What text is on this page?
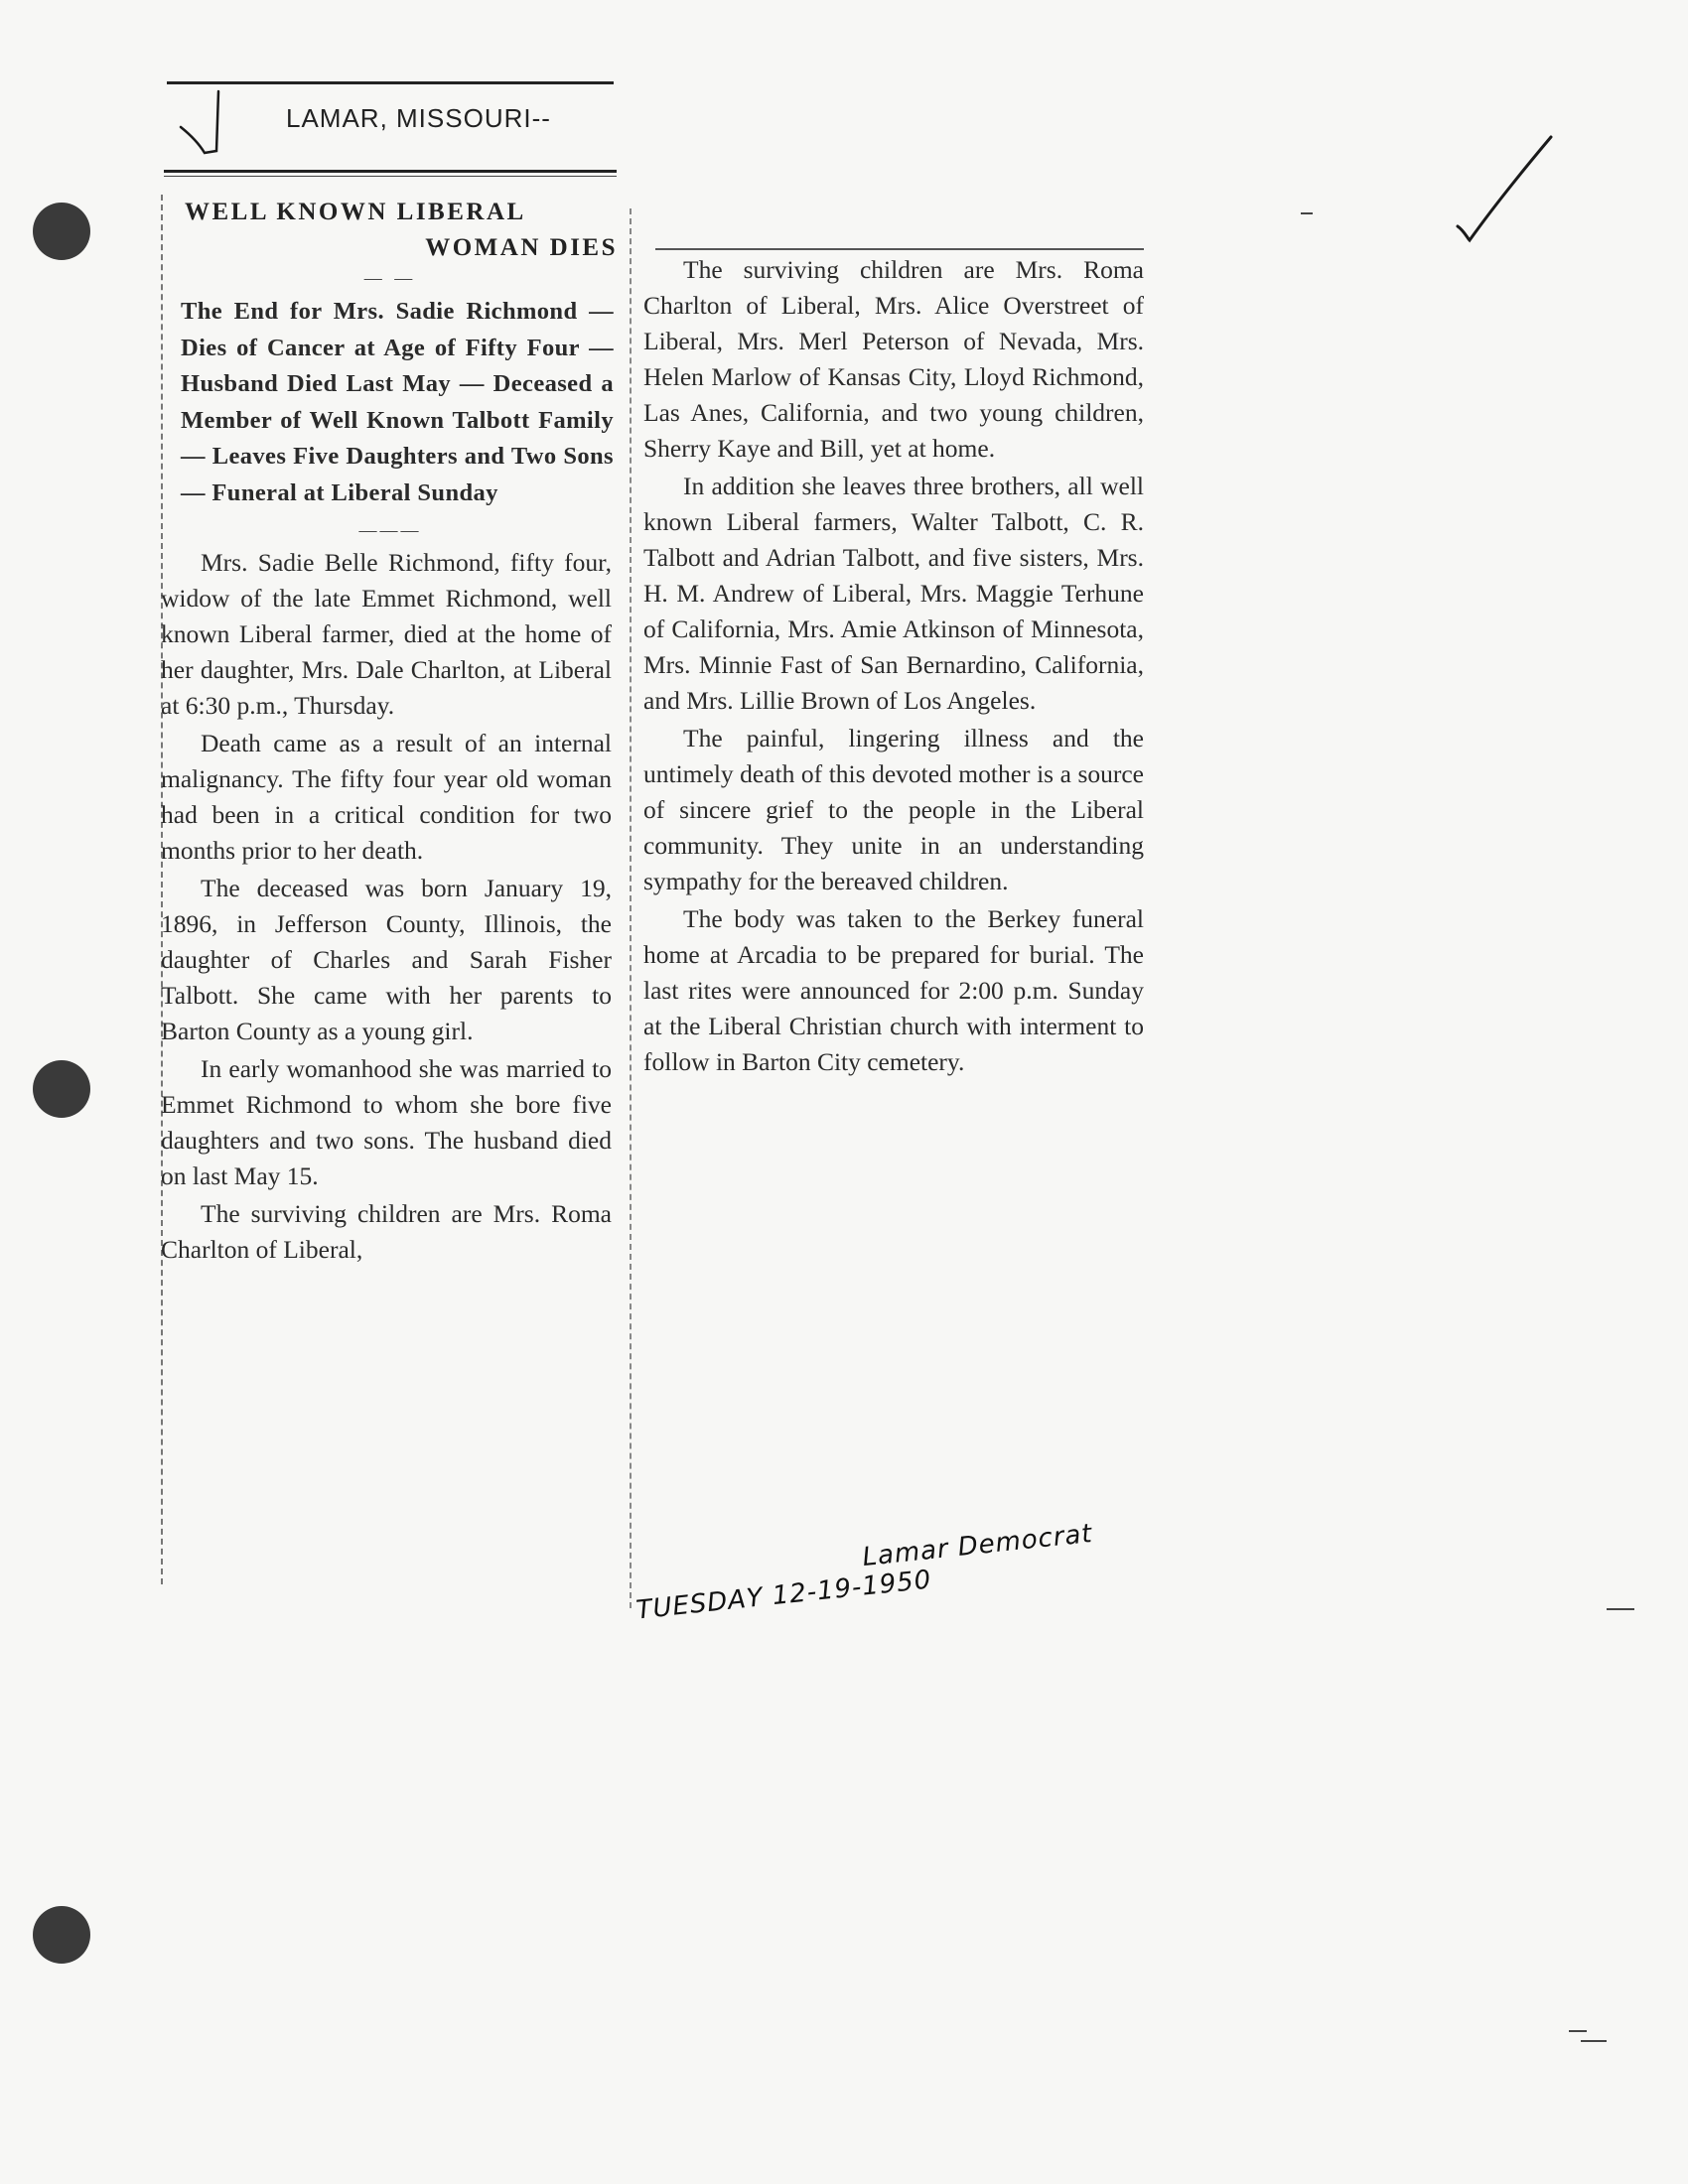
LAMAR, MISSOURI--

WELL KNOWN LIBERAL

WOMAN DIES

— —

The End for Mrs. Sadie Richmond — Dies of Cancer at Age of Fifty Four — Husband Died Last May — Deceased a Member of Well Known Talbott Family — Leaves Five Daughters and Two Sons — Funeral at Liberal Sunday

———

Mrs. Sadie Belle Richmond, fifty four, widow of the late Emmet Richmond, well known Liberal farmer, died at the home of her daughter, Mrs. Dale Charlton, at Liberal at 6:30 p.m., Thursday.

Death came as a result of an internal malignancy. The fifty four year old woman had been in a critical condition for two months prior to her death.

The deceased was born January 19, 1896, in Jefferson County, Illinois, the daughter of Charles and Sarah Fisher Talbott. She came with her parents to Barton County as a young girl.

In early womanhood she was married to Emmet Richmond to whom she bore five daughters and two sons. The husband died on last May 15.

The surviving children are Mrs. Roma Charlton of Liberal,

The surviving children are Mrs. Roma Charlton of Liberal, Mrs. Alice Overstreet of Liberal, Mrs. Merl Peterson of Nevada, Mrs. Helen Marlow of Kansas City, Lloyd Richmond, Las Anes, California, and two young children, Sherry Kaye and Bill, yet at home.

In addition she leaves three brothers, all well known Liberal farmers, Walter Talbott, C. R. Talbott and Adrian Talbott, and five sisters, Mrs. H. M. Andrew of Liberal, Mrs. Maggie Terhune of California, Mrs. Amie Atkinson of Minnesota, Mrs. Minnie Fast of San Bernardino, California, and Mrs. Lillie Brown of Los Angeles.

The painful, lingering illness and the untimely death of this devoted mother is a source of sincere grief to the people in the Liberal community. They unite in an understanding sympathy for the bereaved children.

The body was taken to the Berkey funeral home at Arcadia to be prepared for burial. The last rites were announced for 2:00 p.m. Sunday at the Liberal Christian church with interment to follow in Barton City cemetery.

Lamar Democrat
TUESDAY 12-19-1950
